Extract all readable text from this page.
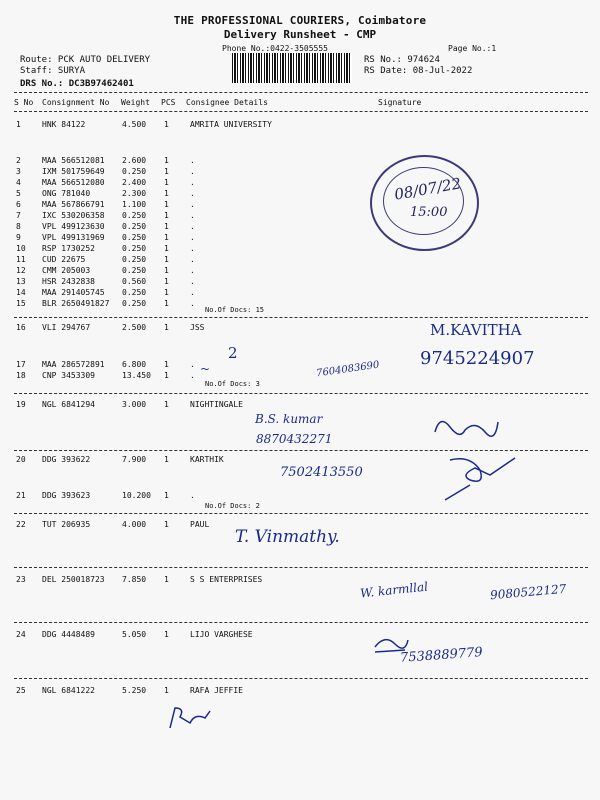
THE PROFESSIONAL COURIERS, Coimbatore
Delivery Runsheet - CMP
Phone No.:0422-3505555	Page No.:1
Route: PCK AUTO DELIVERY
Staff: SURYA
DRS No.: DC3B97462401
RS No.: 974624
RS Date: 08-Jul-2022
S No Consignment No Weight PCS Consignee Details	Signature
1	HNK 84122	4.500 1	AMRITA UNIVERSITY
2	MAA 566512081 2.600 1	.
3	IXM 501759649 0.250 1	.
4	MAA 566512080 2.400 1	.
5	ONG 781040	2.300 1	.
6	MAA 567866791 1.100 1	.
7	IXC 530206358 0.250 1	.
8	VPL 499123630 0.250 1	.
9	VPL 499131969 0.250 1	.
10 RSP 1730252	0.250 1	.
11 CUD 22675	0.250 1	.
12 CMM 205003	0.250 1	.
13 HSR 2432838	0.560 1	.
14 MAA 291405745 0.250 1	.
15 BLR 2650491827 0.250 1	.
16 VLI 294767	2.500 1	JSS
17 MAA 286572891 6.800 1	.
18 CNP 3453309	13.450 1	.
19 NGL 6841294	3.000 1	NIGHTINGALE
20 DDG 393622	7.900 1	KARTHIK
21 DDG 393623	10.200 1	.
22 TUT 206935	4.000 1	PAUL
23 DEL 250018723 7.850 1	S S ENTERPRISES
24 DDG 4448489	5.050 1	LIJO VARGHESE
25 NGL 6841222	5.250 1	RAFA JEFFIE
No.Of Docs: 15
No.Of Docs: 3
No.Of Docs: 2
08/07/22
15:00
M.KAVITHA
2
~	7604083690
9745224907
B.S. kumar
8870432271
7502413550
T. Vinmathy.
W. karmllal	9080522127
7538889779
